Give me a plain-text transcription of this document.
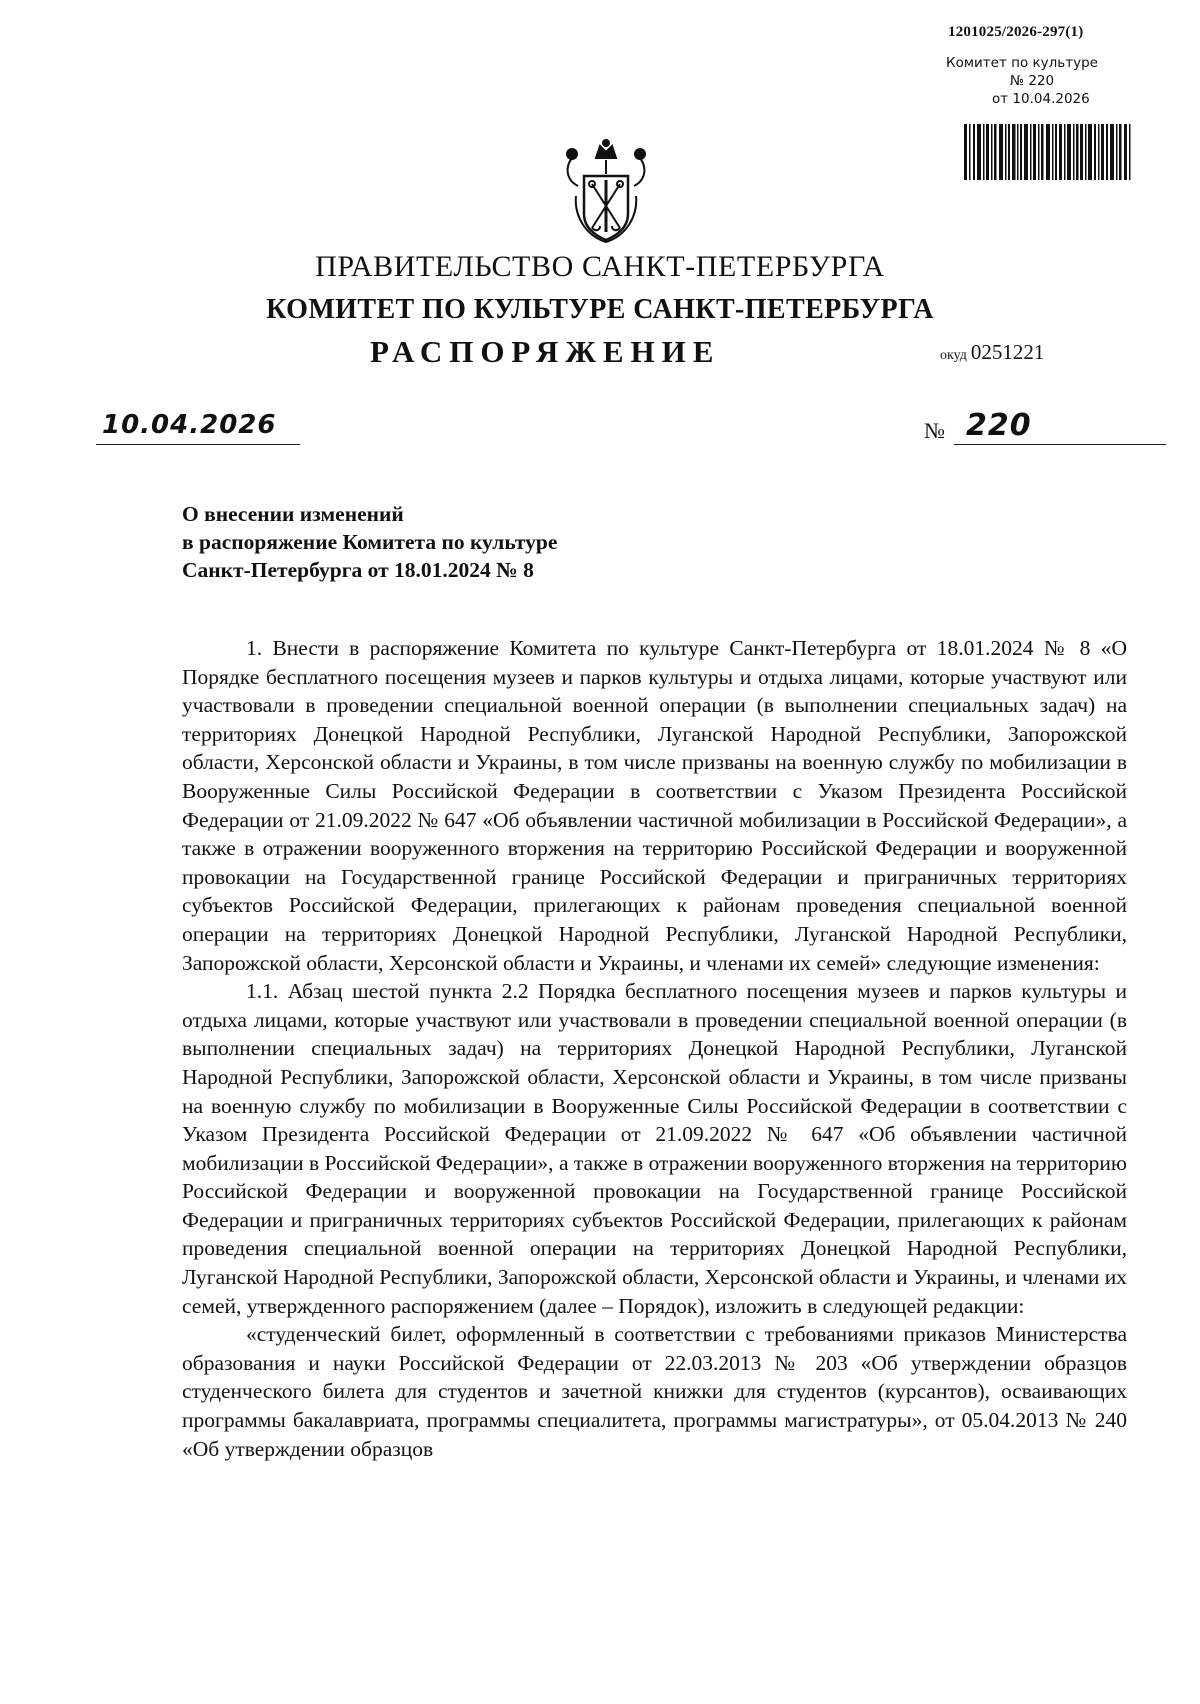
1201025/2026-297(1)
Комитет по культуре
№ 220
от 10.04.2026
ПРАВИТЕЛЬСТВО САНКТ-ПЕТЕРБУРГА
КОМИТЕТ ПО КУЛЬТУРЕ САНКТ-ПЕТЕРБУРГА
РАСПОРЯЖЕНИЕ	окуд 0251221
10.04.2026	№ 220
О внесении изменений
в распоряжение Комитета по культуре
Санкт-Петербурга от 18.01.2024 № 8

1. Внести в распоряжение Комитета по культуре Санкт-Петербурга от 18.01.2024 № 8 «О Порядке бесплатного посещения музеев и парков культуры и отдыха лицами, которые участвуют или участвовали в проведении специальной военной операции (в выполнении специальных задач) на территориях Донецкой Народной Республики, Луганской Народной Республики, Запорожской области, Херсонской области и Украины, в том числе призваны на военную службу по мобилизации в Вооруженные Силы Российской Федерации в соответствии с Указом Президента Российской Федерации от 21.09.2022 № 647 «Об объявлении частичной мобилизации в Российской Федерации», а также в отражении вооруженного вторжения на территорию Российской Федерации и вооруженной провокации на Государственной границе Российской Федерации и приграничных территориях субъектов Российской Федерации, прилегающих к районам проведения специальной военной операции на территориях Донецкой Народной Республики, Луганской Народной Республики, Запорожской области, Херсонской области и Украины, и членами их семей» следующие изменения:

1.1. Абзац шестой пункта 2.2 Порядка бесплатного посещения музеев и парков культуры и отдыха лицами, которые участвуют или участвовали в проведении специальной военной операции (в выполнении специальных задач) на территориях Донецкой Народной Республики, Луганской Народной Республики, Запорожской области, Херсонской области и Украины, в том числе призваны на военную службу по мобилизации в Вооруженные Силы Российской Федерации в соответствии с Указом Президента Российской Федерации от 21.09.2022 № 647 «Об объявлении частичной мобилизации в Российской Федерации», а также в отражении вооруженного вторжения на территорию Российской Федерации и вооруженной провокации на Государственной границе Российской Федерации и приграничных территориях субъектов Российской Федерации, прилегающих к районам проведения специальной военной операции на территориях Донецкой Народной Республики, Луганской Народной Республики, Запорожской области, Херсонской области и Украины, и членами их семей, утвержденного распоряжением (далее – Порядок), изложить в следующей редакции:

«студенческий билет, оформленный в соответствии с требованиями приказов Министерства образования и науки Российской Федерации от 22.03.2013 № 203 «Об утверждении образцов студенческого билета для студентов и зачетной книжки для студентов (курсантов), осваивающих программы бакалавриата, программы специалитета, программы магистратуры», от 05.04.2013 № 240 «Об утверждении образцов
